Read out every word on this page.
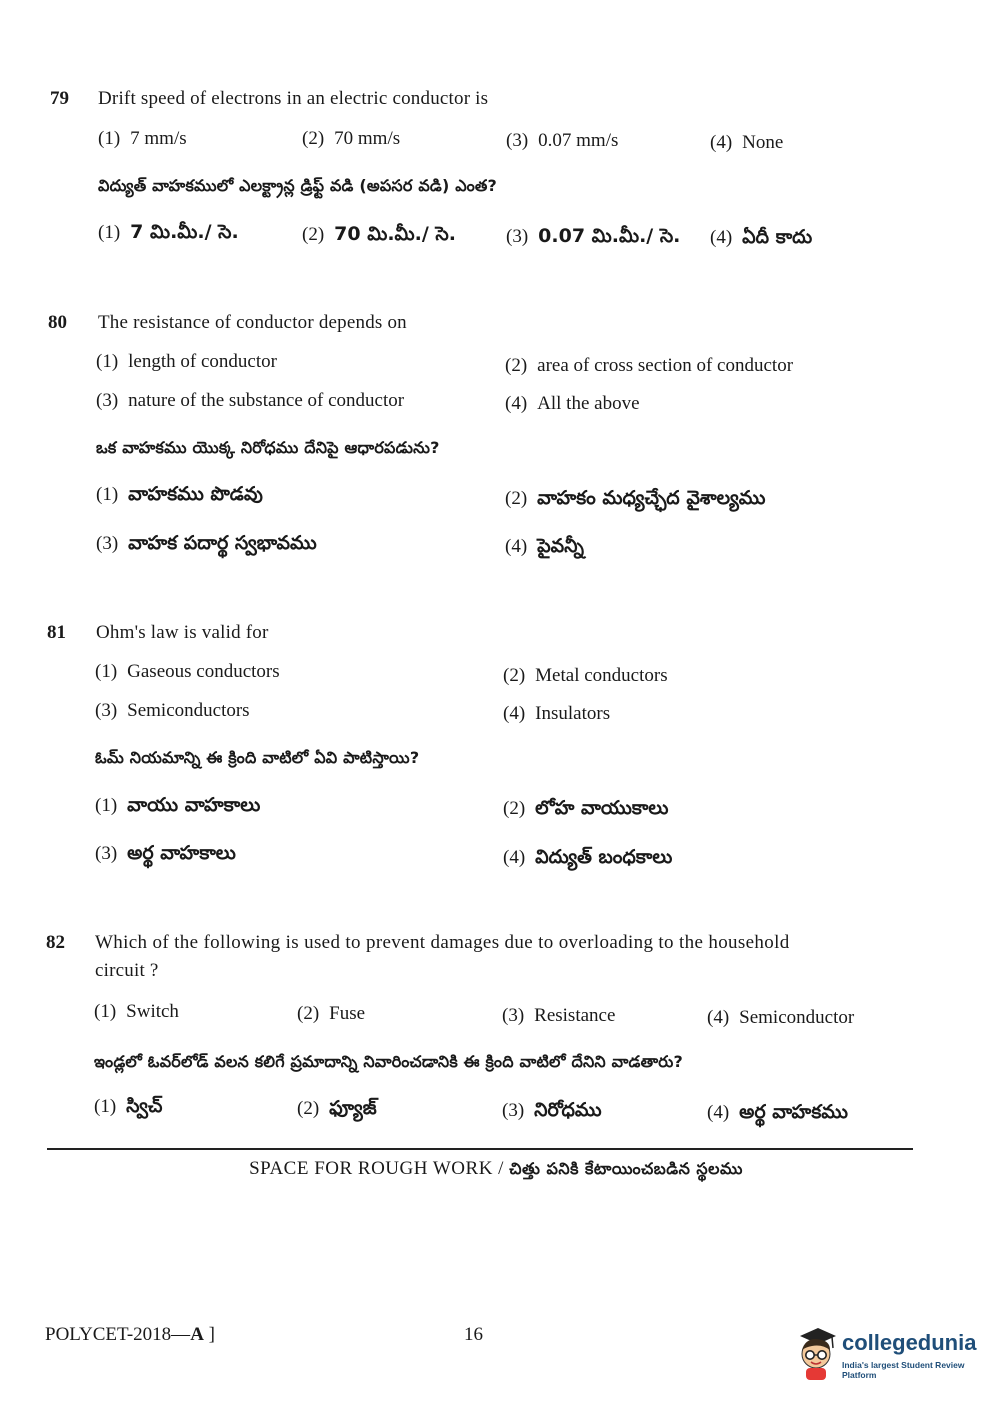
79 Drift speed of electrons in an electric conductor is
(1) 7 mm/s	(2) 70 mm/s	(3) 0.07 mm/s	(4) None
విద్యుత్ వాహకములో ఎలక్ట్రాన్ల డ్రిఫ్ట్ వడి (అపసర వడి) ఎంత?
(1) 7 మి.మీ./ సె.	(2) 70 మి.మీ./ సె.	(3) 0.07 మి.మీ./ సె. (4) ఏదీ కాదు
80 The resistance of conductor depends on
(1) length of conductor	(2) area of cross section of conductor
(3) nature of the substance of conductor	(4) All the above
ఒక వాహకము యొక్క నిరోధము దేనిపై ఆధారపడును?
(1) వాహకము పొడవు	(2) వాహకం మధ్యచ్ఛేద వైశాల్యము
(3) వాహక పదార్థ స్వభావము	(4) పైవన్నీ
81 Ohm's law is valid for
(1) Gaseous conductors	(2) Metal conductors
(3) Semiconductors	(4) Insulators
ఓమ్ నియమాన్ని ఈ క్రింది వాటిలో ఏవి పాటిస్తాయి?
(1) వాయు వాహకాలు	(2) లోహ వాయుకాలు
(3) అర్థ వాహకాలు	(4) విద్యుత్ బంధకాలు
82 Which of the following is used to prevent damages due to overloading to the household
circuit ?
(1) Switch	(2) Fuse	(3) Resistance	(4) Semiconductor
ఇండ్లలో ఓవర్‌లోడ్ వలన కలిగే ప్రమాదాన్ని నివారించడానికి ఈ క్రింది వాటిలో దేనిని వాడతారు?
(1) స్విచ్	(2) ఫ్యూజ్	(3) నిరోధము	(4) అర్థ వాహకము
SPACE FOR ROUGH WORK / చిత్తు పనికి కేటాయించబడిన స్థలము
POLYCET-2018—A ]	16	collegedunia
India's largest Student Review Platform
